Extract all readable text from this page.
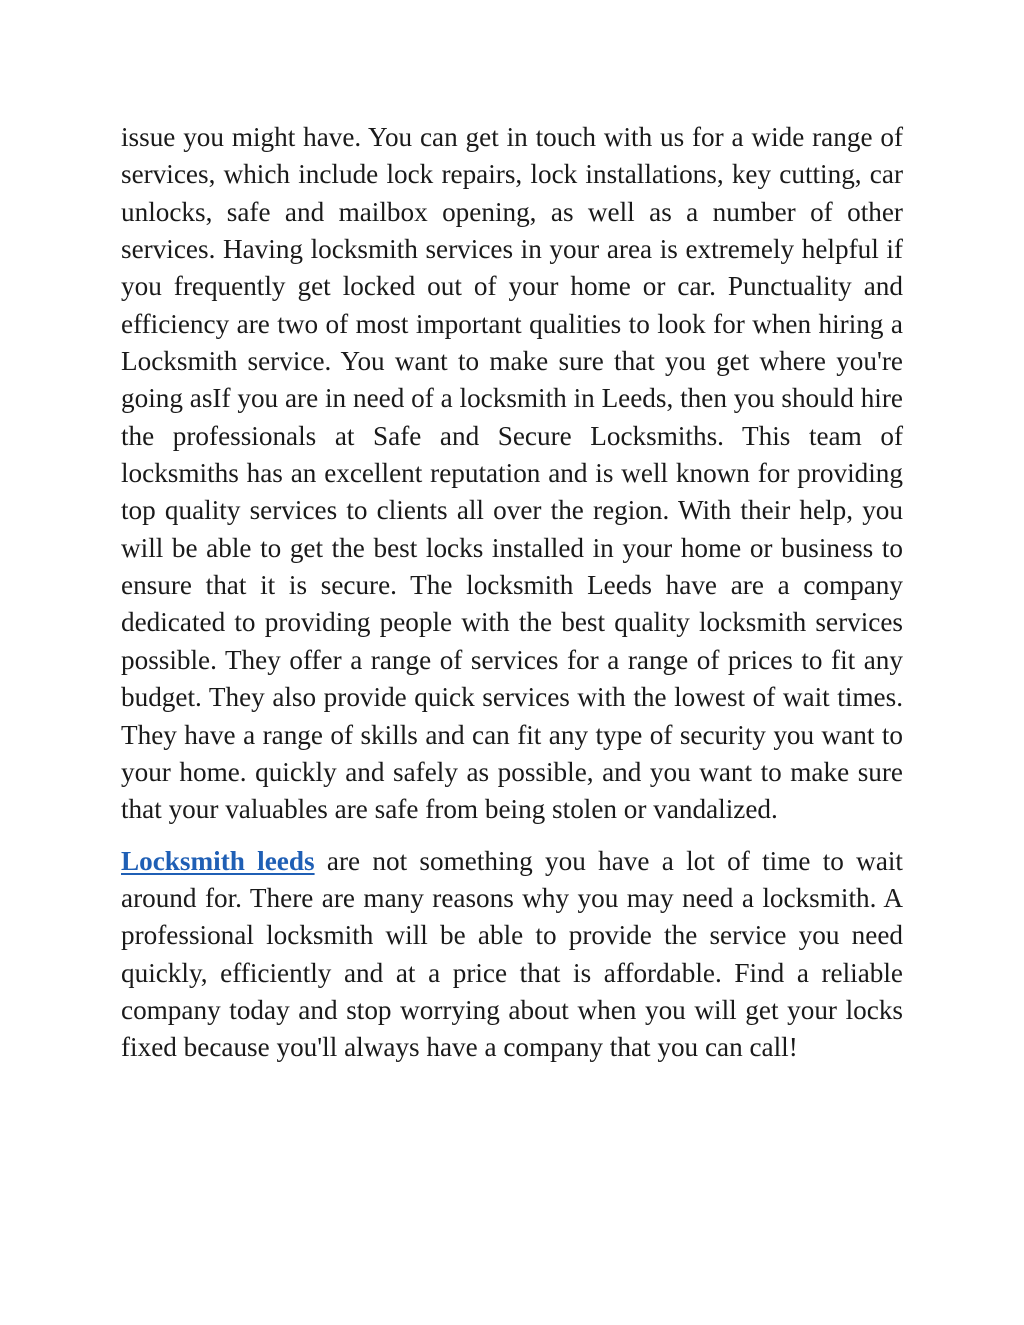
issue you might have. You can get in touch with us for a wide range of services, which include lock repairs, lock installations, key cutting, car unlocks, safe and mailbox opening, as well as a number of other services. Having locksmith services in your area is extremely helpful if you frequently get locked out of your home or car. Punctuality and efficiency are two of most important qualities to look for when hiring a Locksmith service. You want to make sure that you get where you're going asIf you are in need of a locksmith in Leeds, then you should hire the professionals at Safe and Secure Locksmiths. This team of locksmiths has an excellent reputation and is well known for providing top quality services to clients all over the region. With their help, you will be able to get the best locks installed in your home or business to ensure that it is secure. The locksmith Leeds have are a company dedicated to providing people with the best quality locksmith services possible. They offer a range of services for a range of prices to fit any budget. They also provide quick services with the lowest of wait times. They have a range of skills and can fit any type of security you want to your home. quickly and safely as possible, and you want to make sure that your valuables are safe from being stolen or vandalized.

Locksmith leeds are not something you have a lot of time to wait around for. There are many reasons why you may need a locksmith. A professional locksmith will be able to provide the service you need quickly, efficiently and at a price that is affordable. Find a reliable company today and stop worrying about when you will get your locks fixed because you'll always have a company that you can call!
